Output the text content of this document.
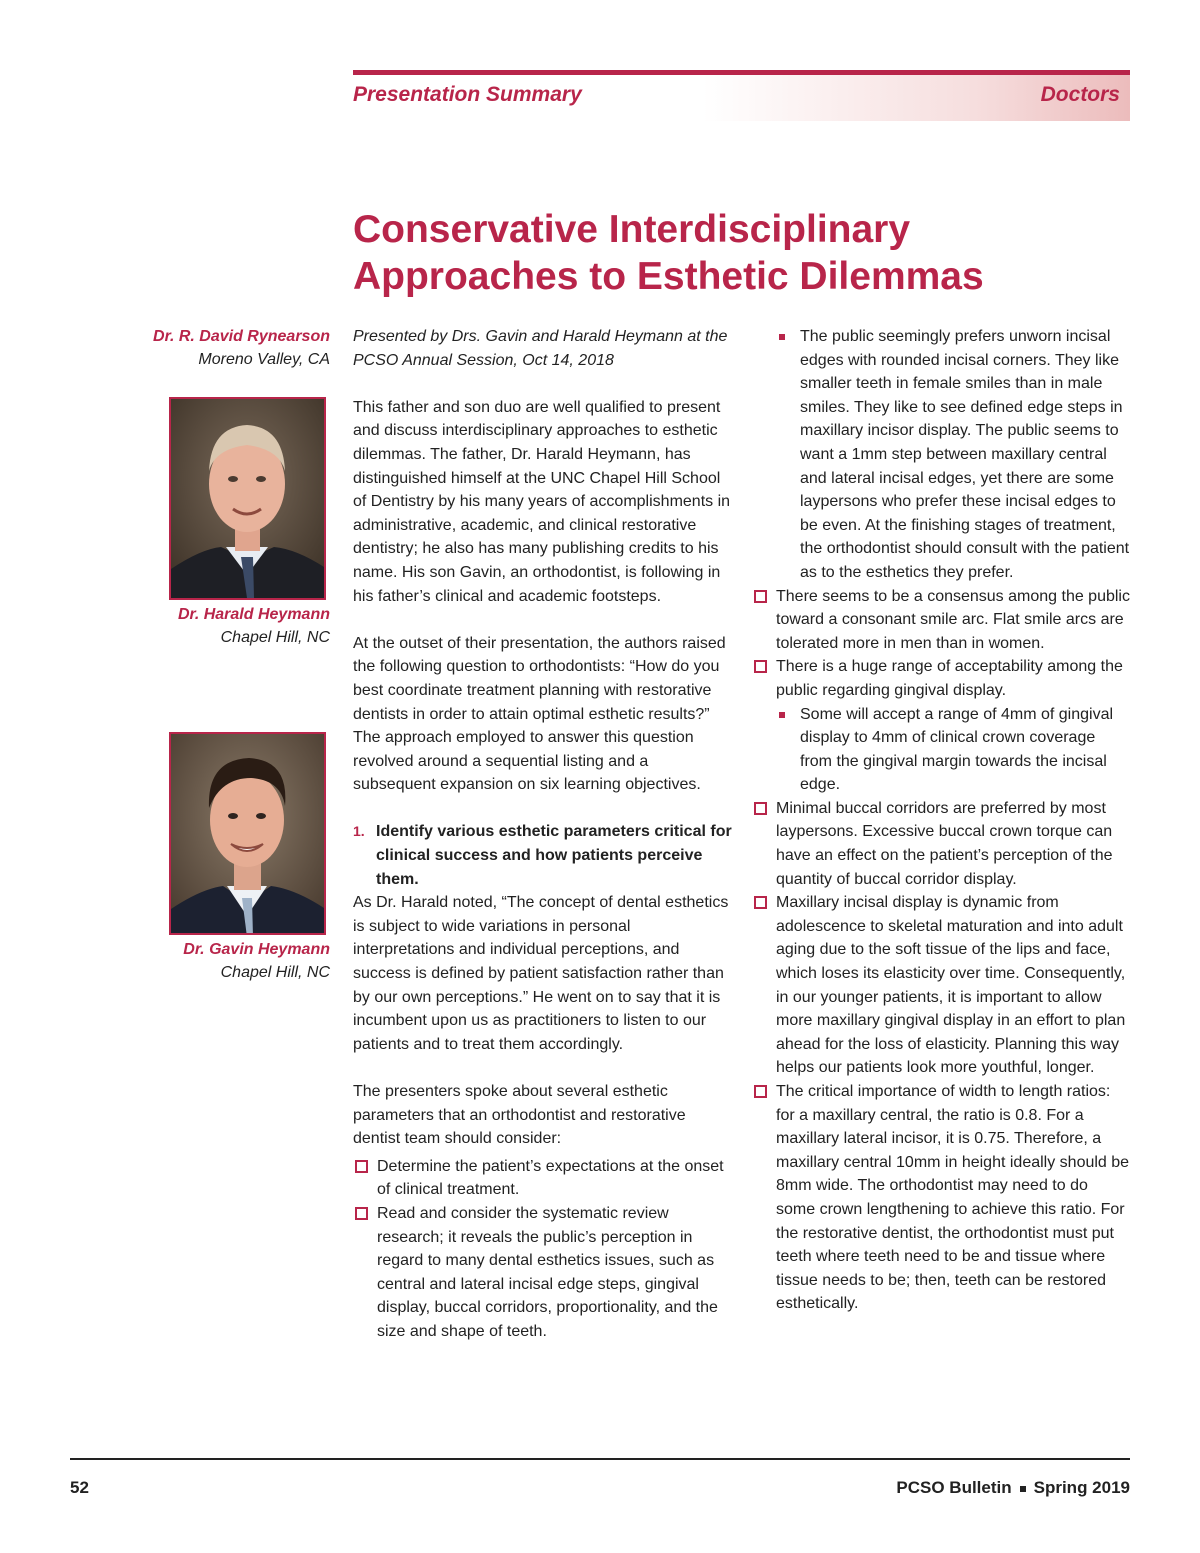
Presentation Summary	Doctors
Conservative Interdisciplinary
Approaches to Esthetic Dilemmas
Dr. R. David Rynearson
Moreno Valley, CA
Dr. Harald Heymann
Chapel Hill, NC
Dr. Gavin Heymann
Chapel Hill, NC

Presented by Drs. Gavin and Harald Heymann at the PCSO Annual Session, Oct 14, 2018

This father and son duo are well qualified to present and discuss interdisciplinary approaches to esthetic dilemmas. The father, Dr. Harald Heymann, has distinguished himself at the UNC Chapel Hill School of Dentistry by his many years of accomplishments in administrative, academic, and clinical restorative dentistry; he also has many publishing credits to his name. His son Gavin, an orthodontist, is following in his father’s clinical and academic footsteps.

At the outset of their presentation, the authors raised the following question to orthodontists: “How do you best coordinate treatment planning with restorative dentists in order to attain optimal esthetic results?” The approach employed to answer this question revolved around a sequential listing and a subsequent expansion on six learning objectives.

1. Identify various esthetic parameters critical for clinical success and how patients perceive them.

As Dr. Harald noted, “The concept of dental esthetics is subject to wide variations in personal interpretations and individual perceptions, and success is defined by patient satisfaction rather than by our own perceptions.” He went on to say that it is incumbent upon us as practitioners to listen to our patients and to treat them accordingly.

The presenters spoke about several esthetic parameters that an orthodontist and restorative dentist team should consider:

Determine the patient’s expectations at the onset of clinical treatment.
Read and consider the systematic review research; it reveals the public’s perception in regard to many dental esthetics issues, such as central and lateral incisal edge steps, gingival display, buccal corridors, proportionality, and the size and shape of teeth.
The public seemingly prefers unworn incisal edges with rounded incisal corners. They like smaller teeth in female smiles than in male smiles. They like to see defined edge steps in maxillary incisor display. The public seems to want a 1mm step between maxillary central and lateral incisal edges, yet there are some laypersons who prefer these incisal edges to be even. At the finishing stages of treatment, the orthodontist should consult with the patient as to the esthetics they prefer.
There seems to be a consensus among the public toward a consonant smile arc. Flat smile arcs are tolerated more in men than in women.
There is a huge range of acceptability among the public regarding gingival display.
Some will accept a range of 4mm of gingival display to 4mm of clinical crown coverage from the gingival margin towards the incisal edge.
Minimal buccal corridors are preferred by most laypersons. Excessive buccal crown torque can have an effect on the patient’s perception of the quantity of buccal corridor display.
Maxillary incisal display is dynamic from adolescence to skeletal maturation and into adult aging due to the soft tissue of the lips and face, which loses its elasticity over time. Consequently, in our younger patients, it is important to allow more maxillary gingival display in an effort to plan ahead for the loss of elasticity. Planning this way helps our patients look more youthful, longer.
The critical importance of width to length ratios: for a maxillary central, the ratio is 0.8. For a maxillary lateral incisor, it is 0.75. Therefore, a maxillary central 10mm in height ideally should be 8mm wide. The orthodontist may need to do some crown lengthening to achieve this ratio. For the restorative dentist, the orthodontist must put teeth where teeth need to be and tissue where tissue needs to be; then, teeth can be restored esthetically.
52	PCSO Bulletin Spring 2019
